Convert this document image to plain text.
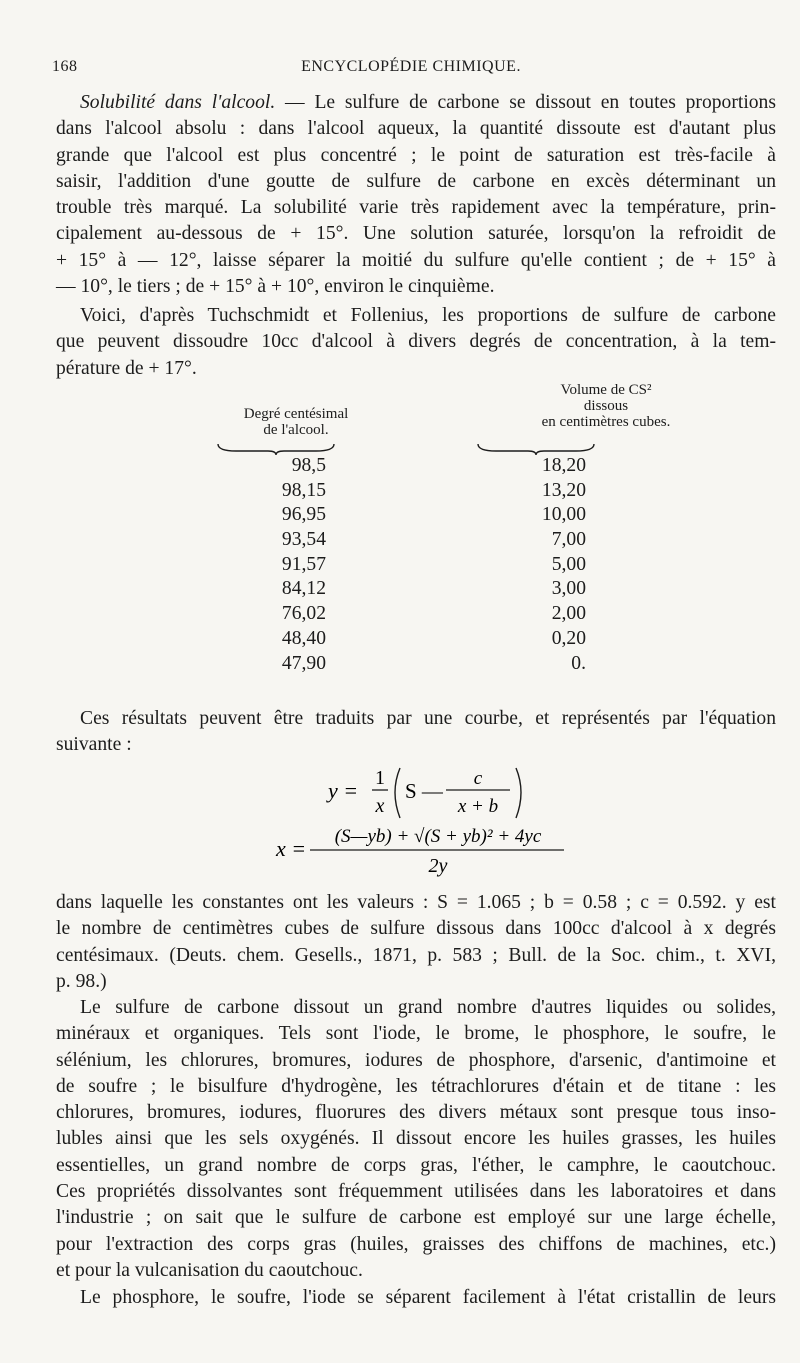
168	ENCYCLOPÉDIE CHIMIQUE.
Solubilité dans l'alcool. — Le sulfure de carbone se dissout en toutes proportions
dans l'alcool absolu : dans l'alcool aqueux, la quantité dissoute est d'autant plus
grande que l'alcool est plus concentré ; le point de saturation est très-facile à
saisir, l'addition d'une goutte de sulfure de carbone en excès déterminant un
trouble très marqué. La solubilité varie très rapidement avec la température, prin-
cipalement au-dessous de + 15°. Une solution saturée, lorsqu'on la refroidit de
+ 15° à — 12°, laisse séparer la moitié du sulfure qu'elle contient ; de + 15° à
— 10°, le tiers ; de + 15° à + 10°, environ le cinquième.
Voici, d'après Tuchschmidt et Follenius, les proportions de sulfure de carbone
que peuvent dissoudre 10cc d'alcool à divers degrés de concentration, à la tem-
pérature de + 17°.
Degré centésimal
de l'alcool.
Volume de CS²
dissous
en centimètres cubes.
98,5
98,15
96,95
93,54
91,57
84,12
76,02
48,40
47,90
18,20
13,20
10,00
7,00
5,00
3,00
2,00
0,20
0.
Ces résultats peuvent être traduits par une courbe, et représentés par l'équation
suivante :
y = 1
x
S —
c
x + b
x = (S—yb) + √(S + yb)² + 4yc
2y
dans laquelle les constantes ont les valeurs : S = 1.065 ; b = 0.58 ; c = 0.592. y est
le nombre de centimètres cubes de sulfure dissous dans 100cc d'alcool à x degrés
centésimaux. (Deuts. chem. Gesells., 1871, p. 583 ; Bull. de la Soc. chim., t. XVI,
p. 98.)
Le sulfure de carbone dissout un grand nombre d'autres liquides ou solides,
minéraux et organiques. Tels sont l'iode, le brome, le phosphore, le soufre, le
sélénium, les chlorures, bromures, iodures de phosphore, d'arsenic, d'antimoine et
de soufre ; le bisulfure d'hydrogène, les tétrachlorures d'étain et de titane : les
chlorures, bromures, iodures, fluorures des divers métaux sont presque tous inso-
lubles ainsi que les sels oxygénés. Il dissout encore les huiles grasses, les huiles
essentielles, un grand nombre de corps gras, l'éther, le camphre, le caoutchouc.
Ces propriétés dissolvantes sont fréquemment utilisées dans les laboratoires et dans
l'industrie ; on sait que le sulfure de carbone est employé sur une large échelle,
pour l'extraction des corps gras (huiles, graisses des chiffons de machines, etc.)
et pour la vulcanisation du caoutchouc.
Le phosphore, le soufre, l'iode se séparent facilement à l'état cristallin de leurs
